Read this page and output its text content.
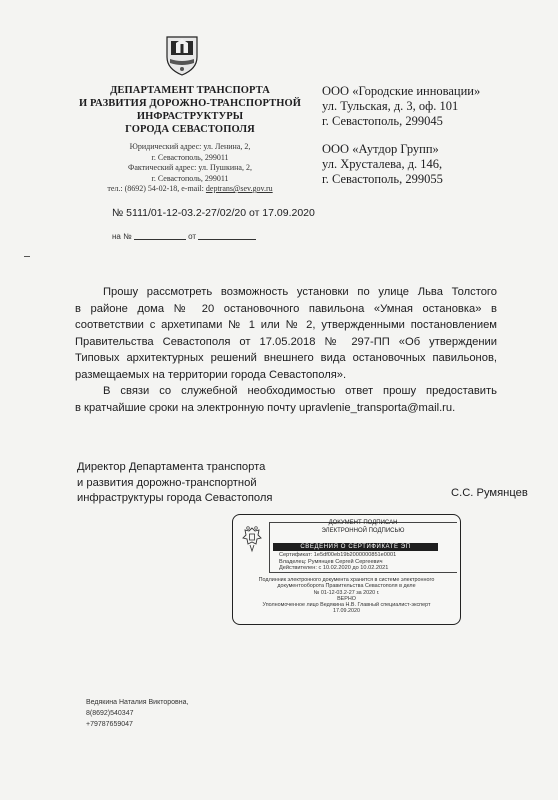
ДЕПАРТАМЕНТ ТРАНСПОРТА
И РАЗВИТИЯ ДОРОЖНО-ТРАНСПОРТНОЙ
ИНФРАСТРУКТУРЫ
ГОРОДА СЕВАСТОПОЛЯ
Юридический адрес: ул. Ленина, 2,
г. Севастополь, 299011
Фактический адрес: ул. Пушкина, 2,
г. Севастополь, 299011
тел.: (8692) 54-02-18, e-mail: deptrans@sev.gov.ru
ООО «Городские инновации»
ул. Тульская, д. 3, оф. 101
г. Севастополь, 299045
ООО «Аутдор Групп»
ул. Хрусталева, д. 146,
г. Севастополь, 299055
№ 5111/01-12-03.2-27/02/20 от 17.09.2020
на №	от
Прошу рассмотреть возможность установки по улице Льва Толстого
в районе дома № 20 остановочного павильона «Умная остановка» в
соответствии с архетипами № 1 или № 2, утвержденными постановлением
Правительства Севастополя от 17.05.2018 № 297-ПП «Об утверждении
Типовых архитектурных решений внешнего вида остановочных павильонов,
размещаемых на территории города Севастополя».
В связи со служебной необходимостью ответ прошу предоставить
в кратчайшие сроки на электронную почту upravlenie_transporta@mail.ru.
Директор Департамента транспорта
и развития дорожно-транспортной
инфраструктуры города Севастополя	С.С. Румянцев
ДОКУМЕНТ ПОДПИСАН
ЭЛЕКТРОННОЙ ПОДПИСЬЮ
СВЕДЕНИЯ О СЕРТИФИКАТЕ ЭП
Сертификат: 1e5df00eb19b2000000851e0001
Владелец: Румянцев Сергей Сергеевич
Действителен: с 10.02.2020 до 10.02.2021
Подлинник электронного документа хранится в системе электронного
документооборота Правительства Севастополя в деле
№ 01-12-03.2-27 за 2020 г.
ВЕРНО
Уполномоченное лицо Ведякина Н.В. Главный специалист-эксперт
17.09.2020
Ведякина Наталия Викторовна,
8(8692)540347
+79787659047
